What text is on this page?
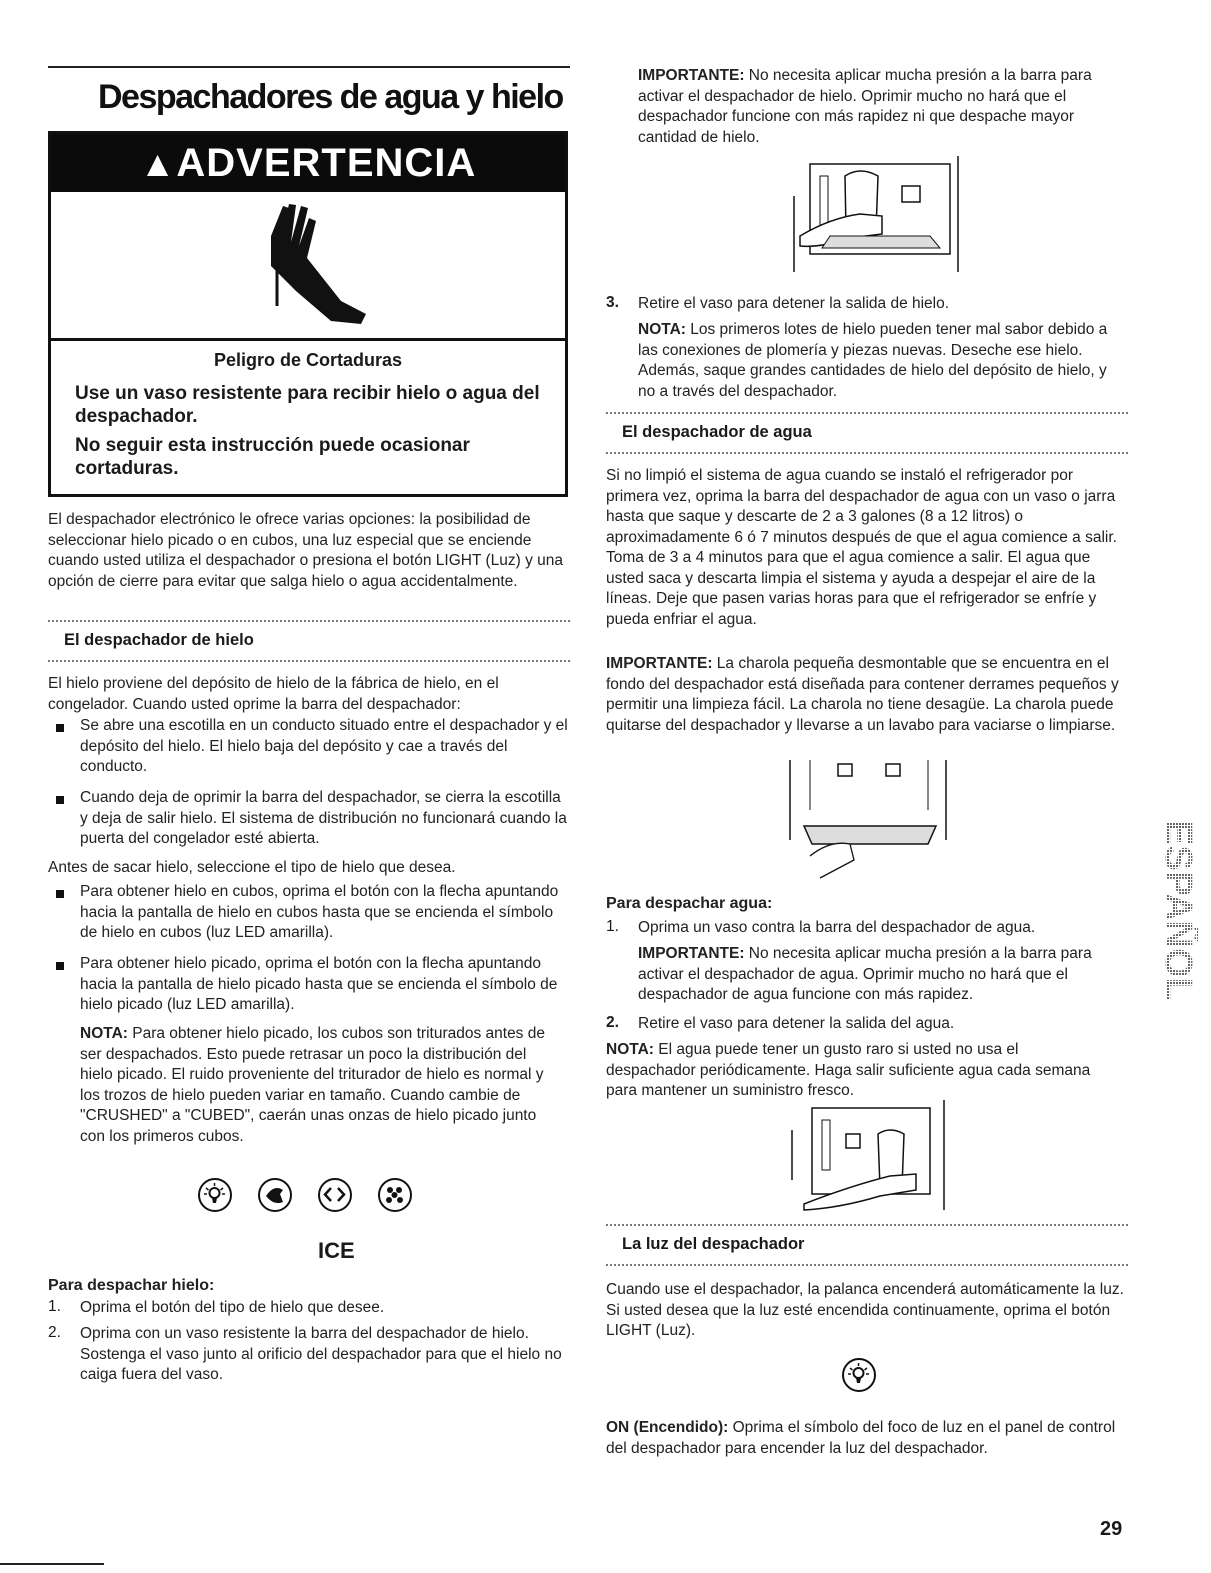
Despachadores de agua y hielo
▲ADVERTENCIA
Peligro de Cortaduras
Use un vaso resistente para recibir hielo o agua del despachador.
No seguir esta instrucción puede ocasionar cortaduras.
El despachador electrónico le ofrece varias opciones: la posibilidad de seleccionar hielo picado o en cubos, una luz especial que se enciende cuando usted utiliza el despachador o presiona el botón LIGHT (Luz) y una opción de cierre para evitar que salga hielo o agua accidentalmente.
El despachador de hielo
El hielo proviene del depósito de hielo de la fábrica de hielo, en el congelador. Cuando usted oprime la barra del despachador:
Se abre una escotilla en un conducto situado entre el despachador y el depósito del hielo. El hielo baja del depósito y cae a través del conducto.
Cuando deja de oprimir la barra del despachador, se cierra la escotilla y deja de salir hielo. El sistema de distribución no funcionará cuando la puerta del congelador esté abierta.
Antes de sacar hielo, seleccione el tipo de hielo que desea.
Para obtener hielo en cubos, oprima el botón con la flecha apuntando hacia la pantalla de hielo en cubos hasta que se encienda el símbolo de hielo en cubos (luz LED amarilla).
Para obtener hielo picado, oprima el botón con la flecha apuntando hacia la pantalla de hielo picado hasta que se encienda el símbolo de hielo picado (luz LED amarilla).
NOTA: Para obtener hielo picado, los cubos son triturados antes de ser despachados. Esto puede retrasar un poco la distribución del hielo picado. El ruido proveniente del triturador de hielo es normal y los trozos de hielo pueden variar en tamaño. Cuando cambie de "CRUSHED" a "CUBED", caerán unas onzas de hielo picado junto con los primeros cubos.
ICE
Para despachar hielo:
1. Oprima el botón del tipo de hielo que desee.
2. Oprima con un vaso resistente la barra del despachador de hielo. Sostenga el vaso junto al orificio del despachador para que el hielo no caiga fuera del vaso.
IMPORTANTE: No necesita aplicar mucha presión a la barra para activar el despachador de hielo. Oprimir mucho no hará que el despachador funcione con más rapidez ni que despache mayor cantidad de hielo.
3. Retire el vaso para detener la salida de hielo.
NOTA: Los primeros lotes de hielo pueden tener mal sabor debido a las conexiones de plomería y piezas nuevas. Deseche ese hielo. Además, saque grandes cantidades de hielo del depósito de hielo, y no a través del despachador.
El despachador de agua
Si no limpió el sistema de agua cuando se instaló el refrigerador por primera vez, oprima la barra del despachador de agua con un vaso o jarra hasta que saque y descarte de 2 a 3 galones (8 a 12 litros) o aproximadamente 6 ó 7 minutos después de que el agua comience a salir. Toma de 3 a 4 minutos para que el agua comience a salir. El agua que usted saca y descarta limpia el sistema y ayuda a despejar el aire de la líneas. Deje que pasen varias horas para que el refrigerador se enfríe y pueda enfriar el agua.
IMPORTANTE: La charola pequeña desmontable que se encuentra en el fondo del despachador está diseñada para contener derrames pequeños y permitir una limpieza fácil. La charola no tiene desagüe. La charola puede quitarse del despachador y llevarse a un lavabo para vaciarse o limpiarse.
Para despachar agua:
1. Oprima un vaso contra la barra del despachador de agua.
IMPORTANTE: No necesita aplicar mucha presión a la barra para activar el despachador de agua. Oprimir mucho no hará que el despachador de agua funcione con más rapidez.
2. Retire el vaso para detener la salida del agua.
NOTA: El agua puede tener un gusto raro si usted no usa el despachador periódicamente. Haga salir suficiente agua cada semana para mantener un suministro fresco.
La luz del despachador
Cuando use el despachador, la palanca encenderá automáticamente la luz. Si usted desea que la luz esté encendida continuamente, oprima el botón LIGHT (Luz).
ON (Encendido): Oprima el símbolo del foco de luz en el panel de control del despachador para encender la luz del despachador.
ESPAÑOL
29
